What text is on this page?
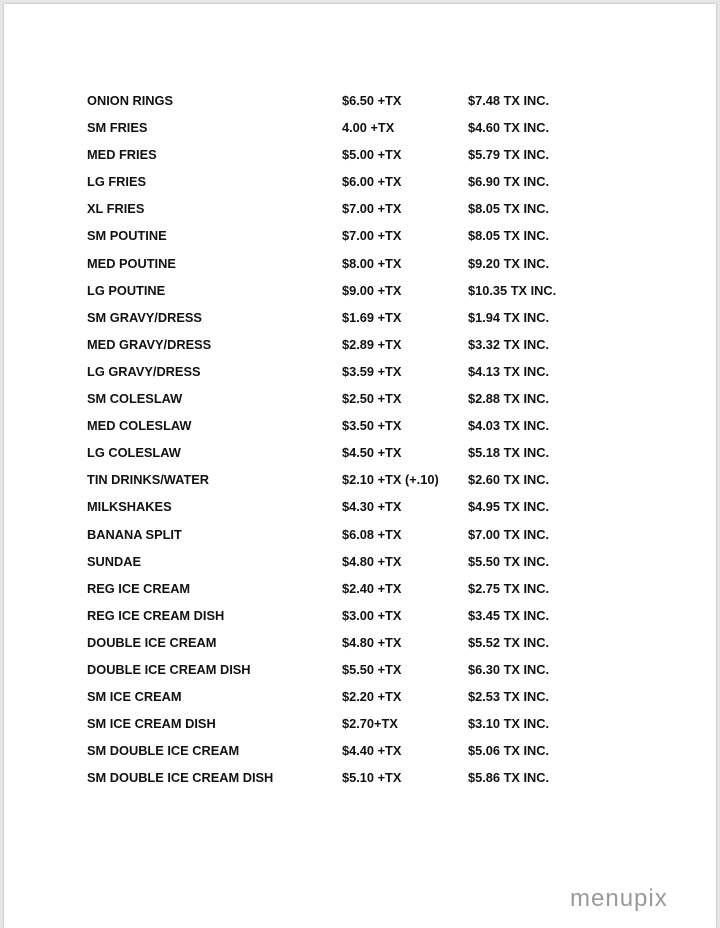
ONION RINGS	$6.50 +TX	$7.48 TX INC.
SM FRIES	4.00 +TX	$4.60 TX INC.
MED FRIES	$5.00 +TX	$5.79 TX INC.
LG FRIES	$6.00 +TX	$6.90 TX INC.
XL FRIES	$7.00 +TX	$8.05 TX INC.
SM POUTINE	$7.00 +TX	$8.05 TX INC.
MED POUTINE	$8.00 +TX	$9.20 TX INC.
LG POUTINE	$9.00 +TX	$10.35 TX INC.
SM GRAVY/DRESS	$1.69 +TX	$1.94 TX INC.
MED GRAVY/DRESS	$2.89 +TX	$3.32 TX INC.
LG GRAVY/DRESS	$3.59 +TX	$4.13 TX INC.
SM COLESLAW	$2.50 +TX	$2.88 TX INC.
MED COLESLAW	$3.50 +TX	$4.03 TX INC.
LG COLESLAW	$4.50 +TX	$5.18 TX INC.
TIN DRINKS/WATER	$2.10 +TX (+.10) $2.60 TX INC.
MILKSHAKES	$4.30 +TX	$4.95 TX INC.
BANANA SPLIT	$6.08 +TX	$7.00 TX INC.
SUNDAE	$4.80 +TX	$5.50 TX INC.
REG ICE CREAM	$2.40 +TX	$2.75 TX INC.
REG ICE CREAM DISH	$3.00 +TX	$3.45 TX INC.
DOUBLE ICE CREAM	$4.80 +TX	$5.52 TX INC.
DOUBLE ICE CREAM DISH	$5.50 +TX	$6.30 TX INC.
SM ICE CREAM	$2.20 +TX	$2.53 TX INC.
SM ICE CREAM DISH	$2.70+TX	$3.10 TX INC.
SM DOUBLE ICE CREAM	$4.40 +TX	$5.06 TX INC.
SM DOUBLE ICE CREAM DISH	$5.10 +TX	$5.86 TX INC.
menupix
